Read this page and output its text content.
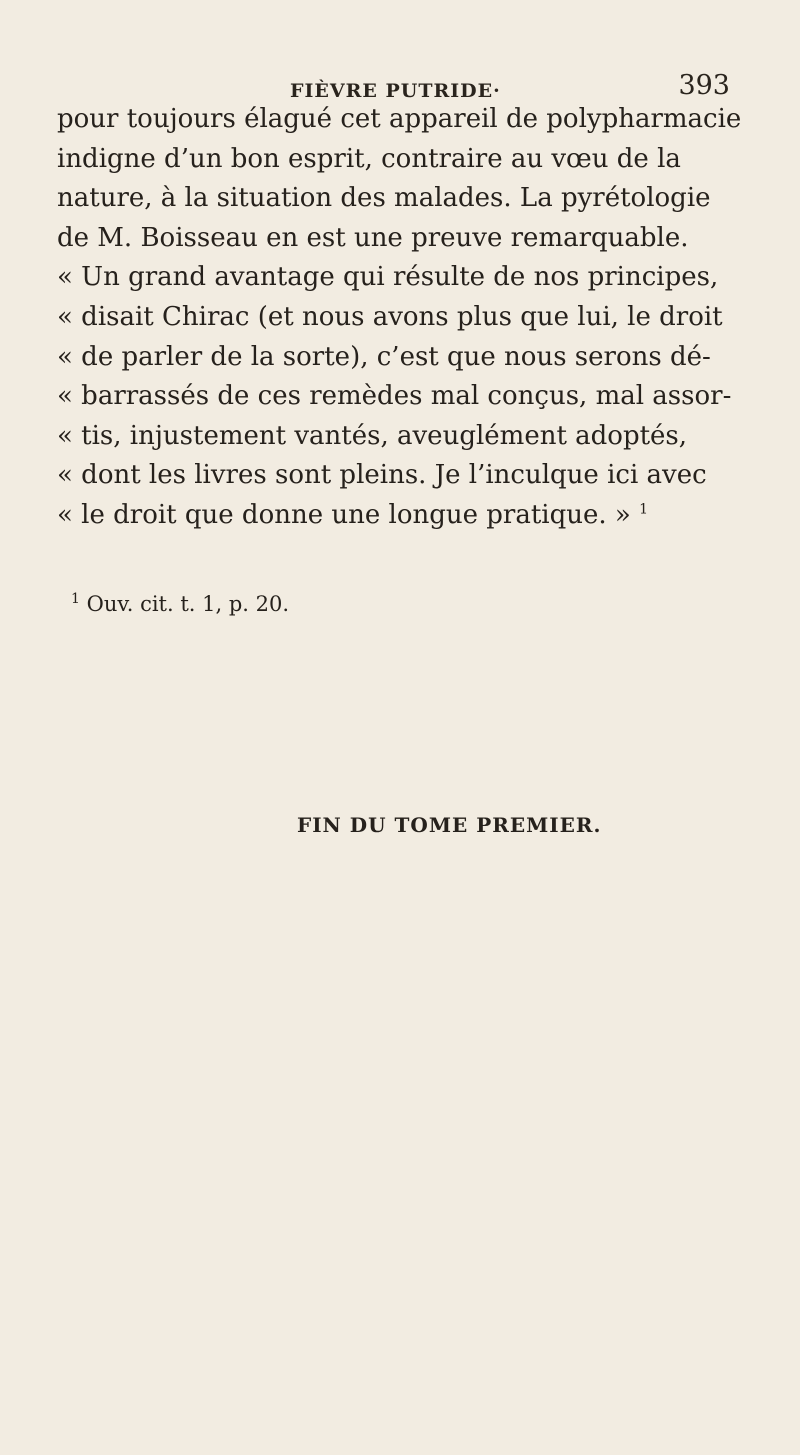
FIÈVRE PUTRIDE·	393
pour toujours élagué cet appareil de polypharmacie
indigne d’un bon esprit, contraire au vœu de la
nature, à la situation des malades. La pyrétologie
de M. Boisseau en est une preuve remarquable.
« Un grand avantage qui résulte de nos principes,
« disait Chirac (et nous avons plus que lui, le droit
« de parler de la sorte), c’est que nous serons dé-
« barrassés de ces remèdes mal conçus, mal assor-
« tis, injustement vantés, aveuglément adoptés,
« dont les livres sont pleins. Je l’inculque ici avec
« le droit que donne une longue pratique. » $^1$
$^1$ Ouv. cit. t. 1, p. 20.
FIN DU TOME PREMIER.
